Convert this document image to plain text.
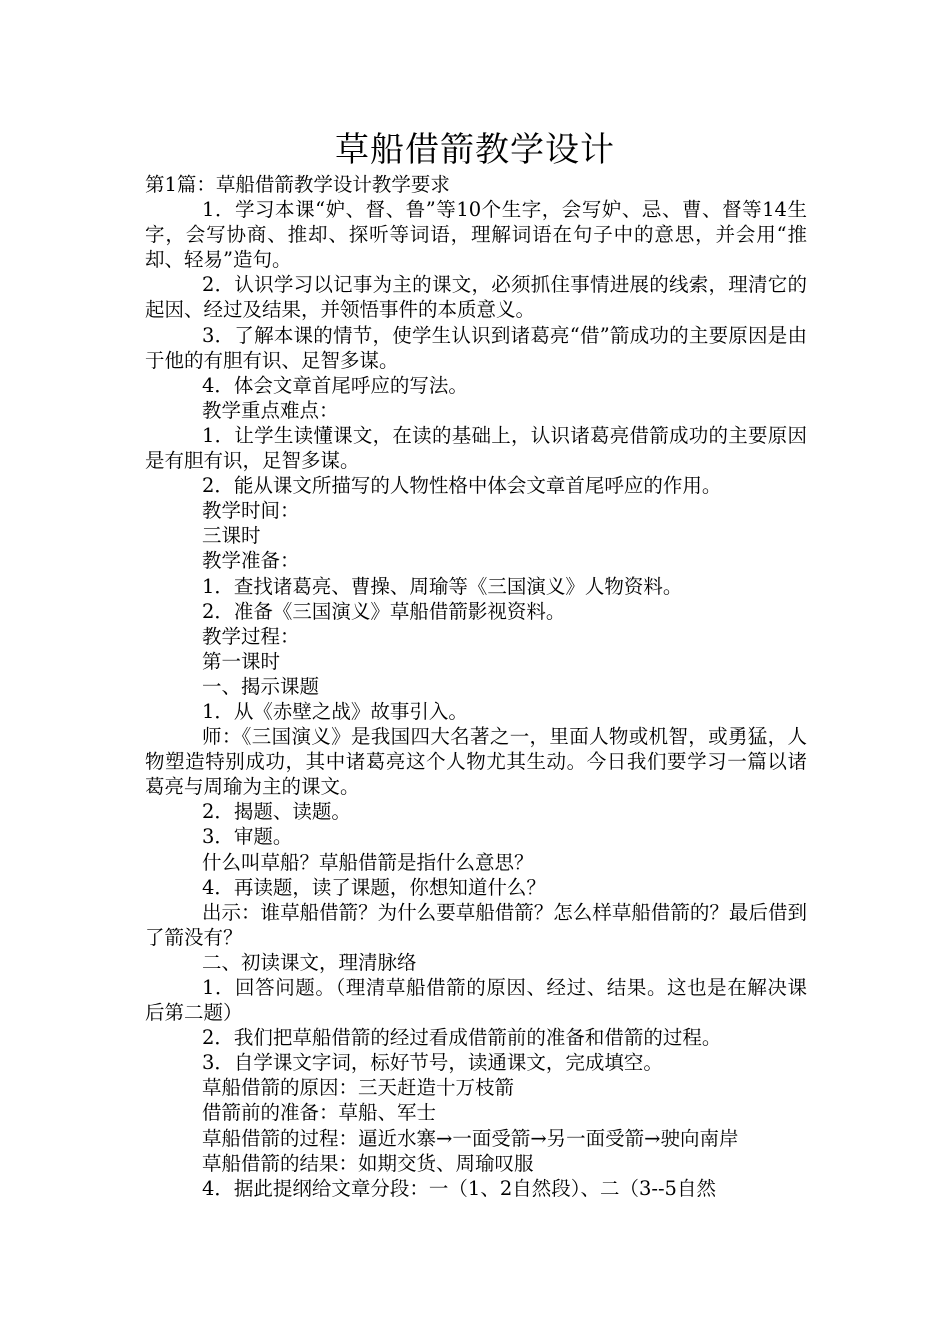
草船借箭教学设计

第1篇：草船借箭教学设计教学要求

1．学习本课“妒、督、鲁”等10个生字，会写妒、忌、曹、督等14生字，会写协商、推却、探听等词语，理解词语在句子中的意思，并会用“推却、轻易”造句。

2．认识学习以记事为主的课文，必须抓住事情进展的线索，理清它的起因、经过及结果，并领悟事件的本质意义。

3．了解本课的情节，使学生认识到诸葛亮“借”箭成功的主要原因是由于他的有胆有识、足智多谋。

4．体会文章首尾呼应的写法。

教学重点难点：

1．让学生读懂课文，在读的基础上，认识诸葛亮借箭成功的主要原因是有胆有识，足智多谋。

2．能从课文所描写的人物性格中体会文章首尾呼应的作用。

教学时间：

三课时

教学准备：

1．查找诸葛亮、曹操、周瑜等《三国演义》人物资料。

2．准备《三国演义》草船借箭影视资料。

教学过程：

第一课时

一、揭示课题

1．从《赤壁之战》故事引入。

师：《三国演义》是我国四大名著之一，里面人物或机智，或勇猛，人物塑造特别成功，其中诸葛亮这个人物尤其生动。今日我们要学习一篇以诸葛亮与周瑜为主的课文。

2．揭题、读题。

3．审题。

什么叫草船？草船借箭是指什么意思？

4．再读题，读了课题，你想知道什么？

出示：谁草船借箭？为什么要草船借箭？怎么样草船借箭的？最后借到了箭没有？

二、初读课文，理清脉络

1．回答问题。（理清草船借箭的原因、经过、结果。这也是在解决课后第二题）

2．我们把草船借箭的经过看成借箭前的准备和借箭的过程。

3．自学课文字词，标好节号，读通课文，完成填空。

草船借箭的原因：三天赶造十万枝箭

借箭前的准备：草船、军士

草船借箭的过程：逼近水寨→一面受箭→另一面受箭→驶向南岸

草船借箭的结果：如期交货、周瑜叹服

4．据此提纲给文章分段：一（1、2自然段）、二（3--5自然
